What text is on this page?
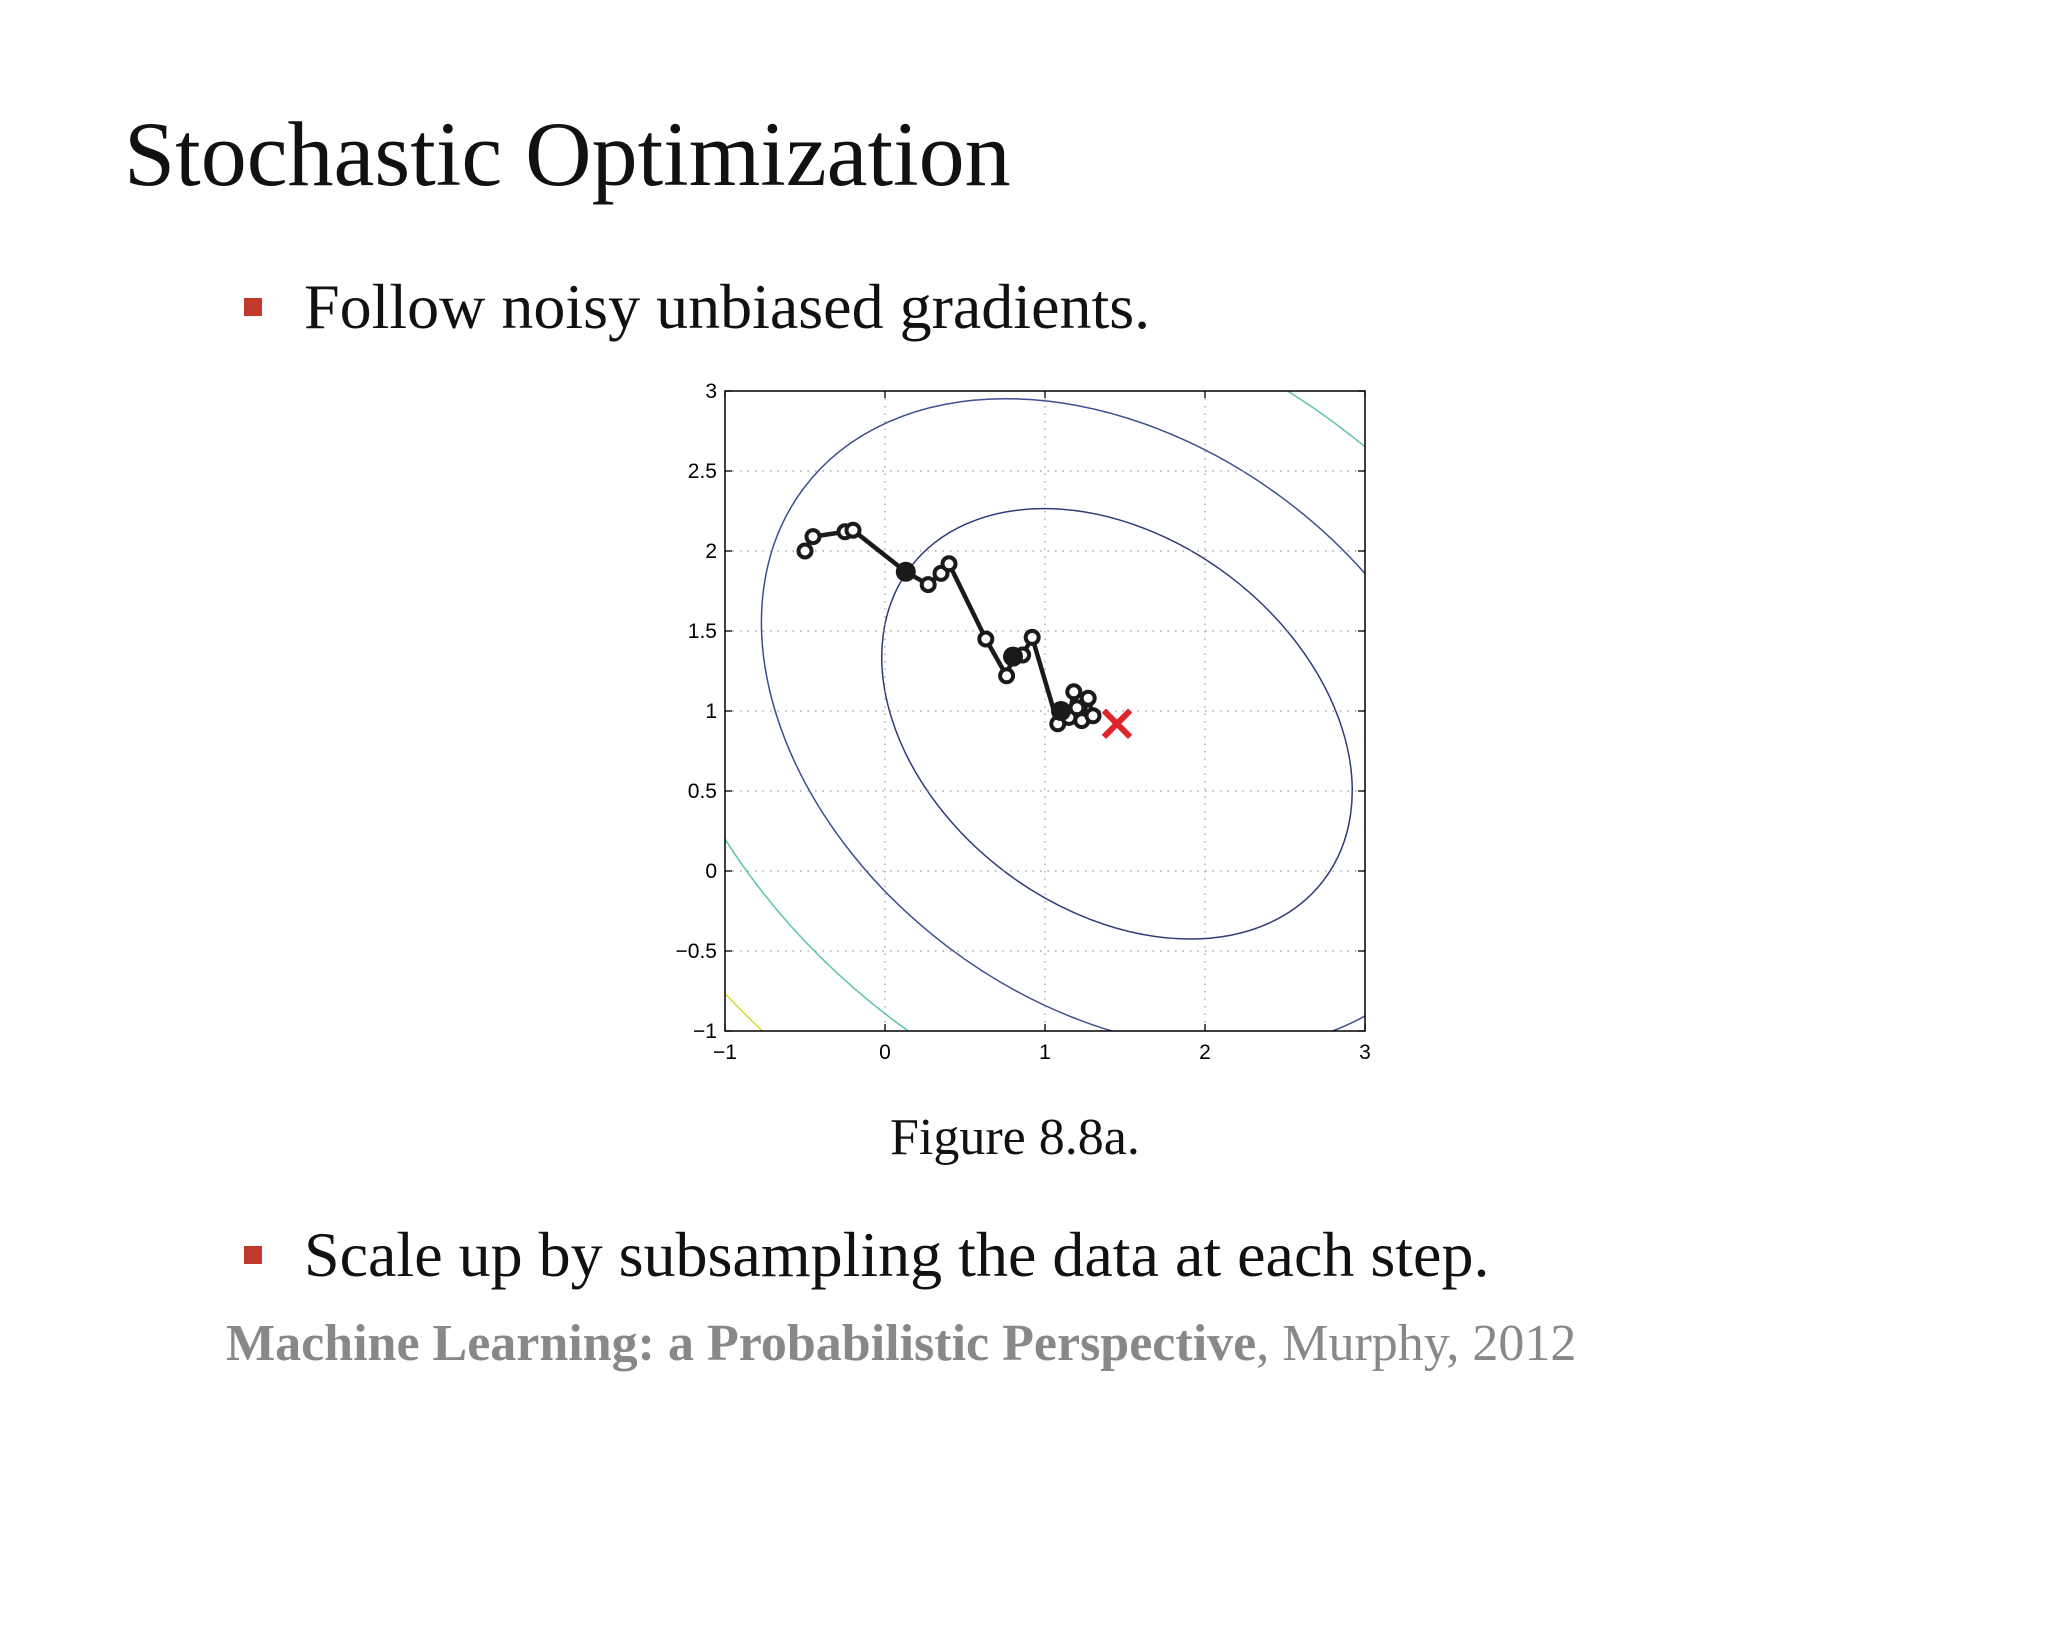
Stochastic Optimization
Follow noisy unbiased gradients.
−1	0	1	2	3
−1
−0.5
0
0.5
1
1.5
2
2.5
3
Figure 8.8a.
Scale up by subsampling the data at each step.
Machine Learning: a Probabilistic Perspective, Murphy, 2012
